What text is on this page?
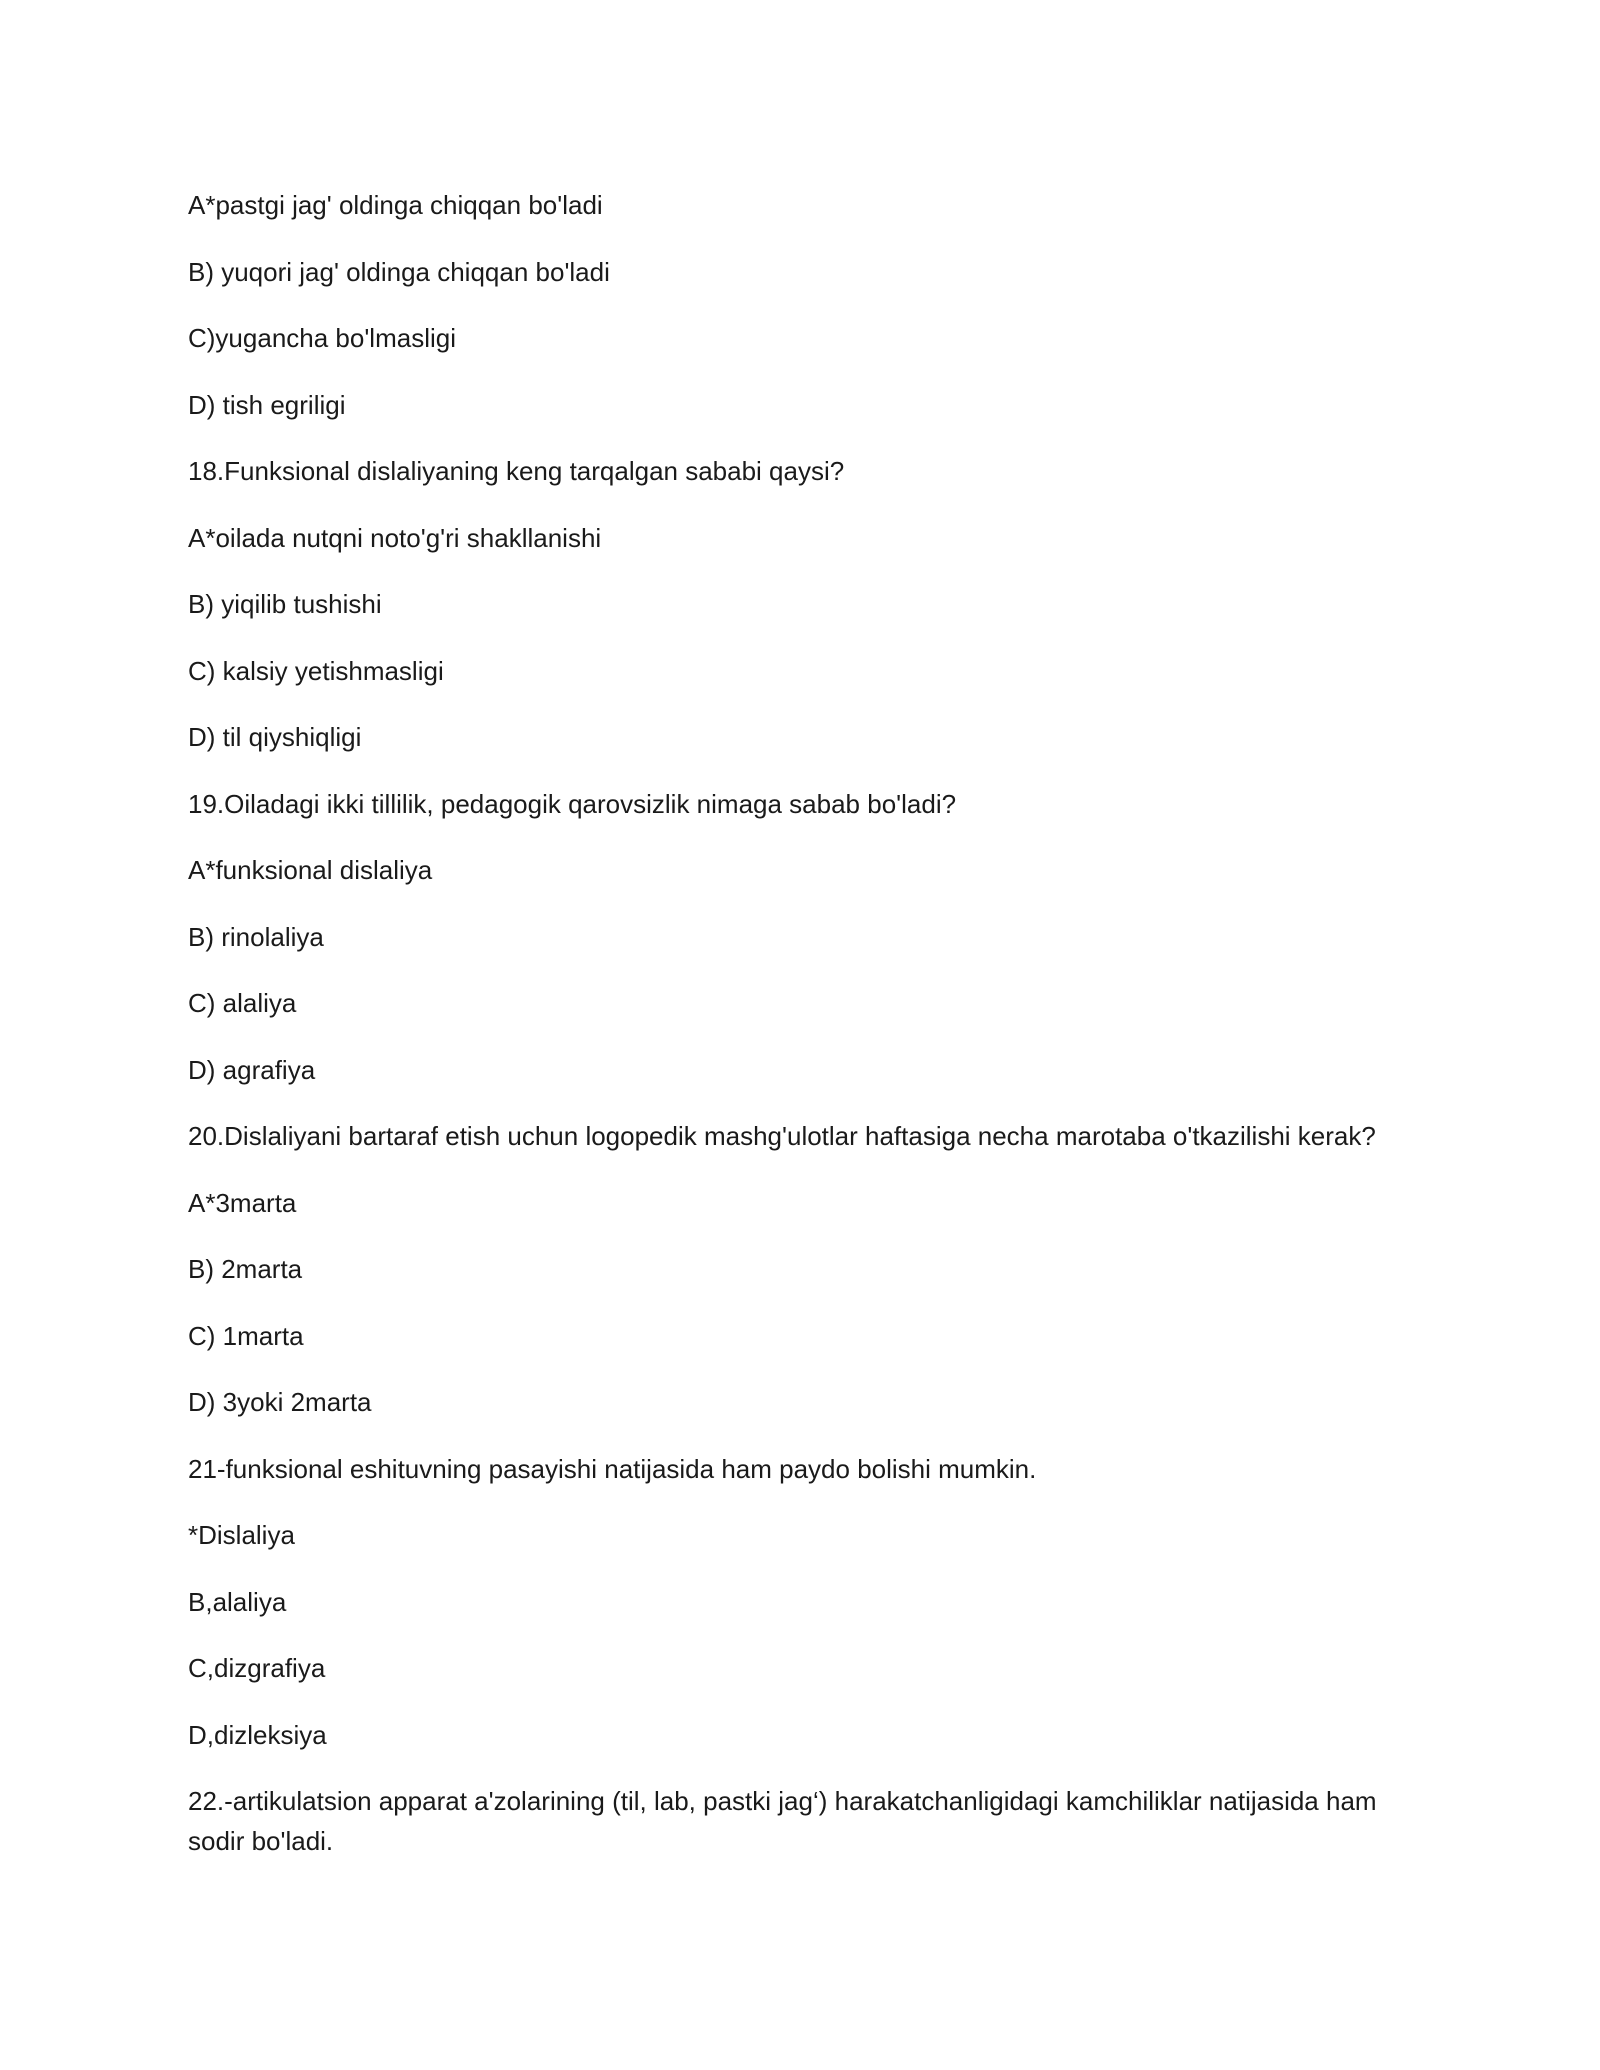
A*pastgi jag' oldinga chiqqan bo'ladi

B) yuqori jag' oldinga chiqqan bo'ladi

C)yugancha bo'lmasligi

D) tish egriligi

18.Funksional dislaliyaning keng tarqalgan sababi qaysi?

A*oilada nutqni noto'g'ri shakllanishi

B) yiqilib tushishi

C) kalsiy yetishmasligi

D) til qiyshiqligi

19.Oiladagi ikki tillilik, pedagogik qarovsizlik nimaga sabab bo'ladi?

A*funksional dislaliya

B) rinolaliya

C) alaliya

D) agrafiya

20.Dislaliyani bartaraf etish uchun logopedik mashg'ulotlar haftasiga necha marotaba o'tkazilishi kerak?

A*3marta

B) 2marta

C) 1marta

D) 3yoki 2marta

21-funksional eshituvning pasayishi natijasida ham paydo bolishi mumkin.

*Dislaliya

B,alaliya

C,dizgrafiya

D,dizleksiya

22.-artikulatsion apparat a'zolarining (til, lab, pastki jag‘) harakatchanligidagi kamchiliklar natijasida ham sodir bo'ladi.
